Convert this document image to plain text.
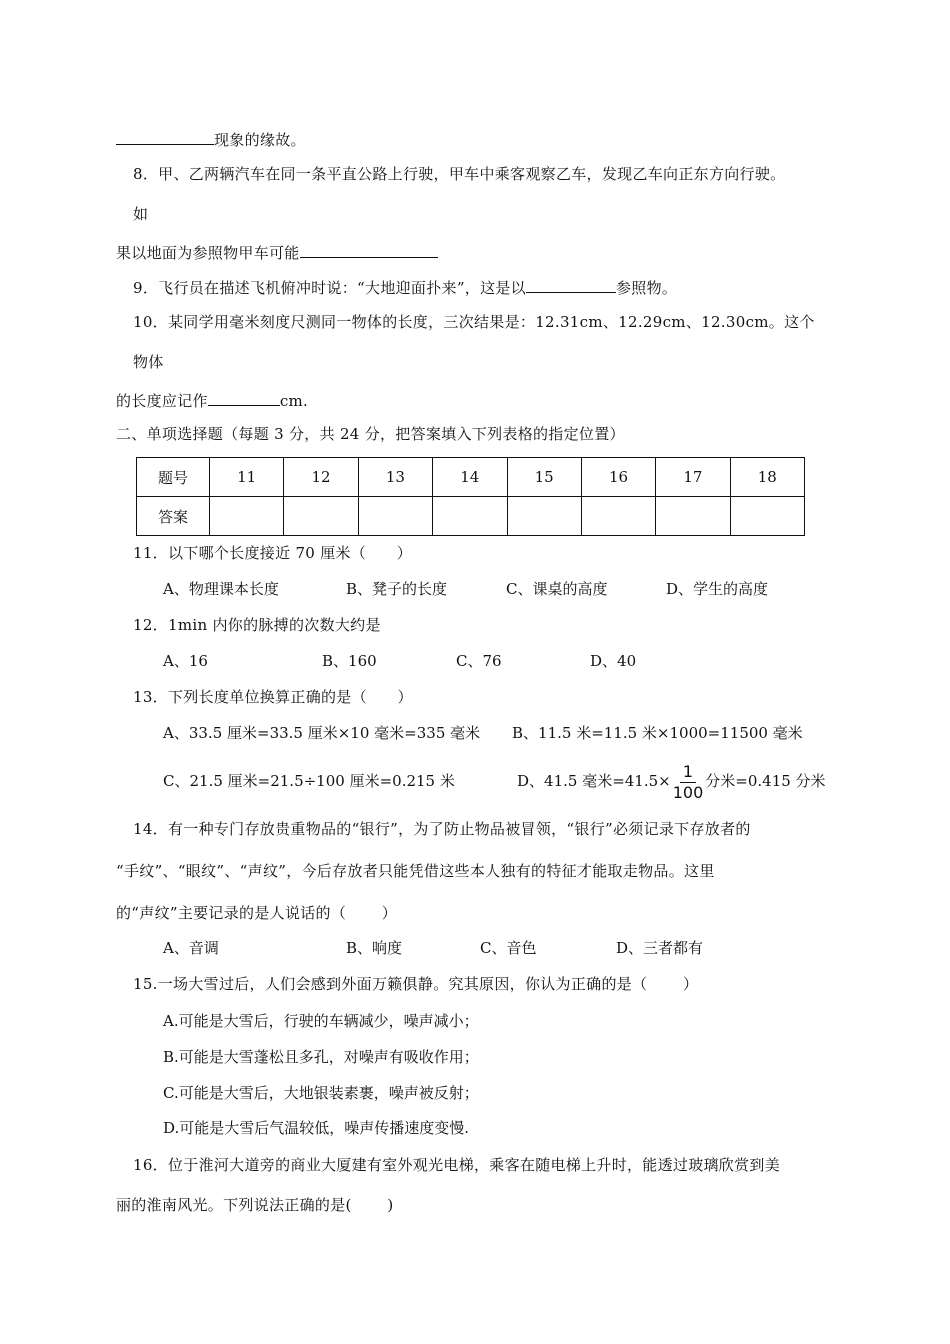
现象的缘故。
8．甲、乙两辆汽车在同一条平直公路上行驶，甲车中乘客观察乙车，发现乙车向正东方向行驶。
如
果以地面为参照物甲车可能
9．飞行员在描述飞机俯冲时说：“大地迎面扑来”，这是以	参照物。
10．某同学用毫米刻度尺测同一物体的长度，三次结果是：12.31cm、12.29cm、12.30cm。这个
物体
的长度应记作	cm.
二、单项选择题（每题 3 分，共 24 分，把答案填入下列表格的指定位置）
题号	11	12	13	14	15	16	17	18
答案								
11．以下哪个长度接近 70 厘米（　　）
A、物理课本长度	B、凳子的长度	C、课桌的高度	D、学生的高度
12．1min 内你的脉搏的次数大约是
A、16	B、160	C、76	D、40
13．下列长度单位换算正确的是（　　）
A、33.5 厘米=33.5 厘米×10 毫米=335 毫米 B、11.5 米=11.5 米×1000=11500 毫米
C、21.5 厘米=21.5÷100 厘米=0.215 米	D、41.5 毫米$=41.5\times \frac{1}{100}$ 分米=0.415 分米
14．有一种专门存放贵重物品的“银行”，为了防止物品被冒领，“银行”必须记录下存放者的
“手纹”、“眼纹”、“声纹”，今后存放者只能凭借这些本人独有的特征才能取走物品。这里
的“声纹”主要记录的是人说话的（　　 ）
A、音调	B、响度	C、音色	D、三者都有
15.一场大雪过后，人们会感到外面万籁俱静。究其原因，你认为正确的是（　　 ）
A.可能是大雪后，行驶的车辆减少，噪声减小；
B.可能是大雪蓬松且多孔，对噪声有吸收作用；
C.可能是大雪后，大地银装素裹，噪声被反射；
D.可能是大雪后气温较低，噪声传播速度变慢.
16．位于淮河大道旁的商业大厦建有室外观光电梯，乘客在随电梯上升时，能透过玻璃欣赏到美
丽的淮南风光。下列说法正确的是(　　 )
